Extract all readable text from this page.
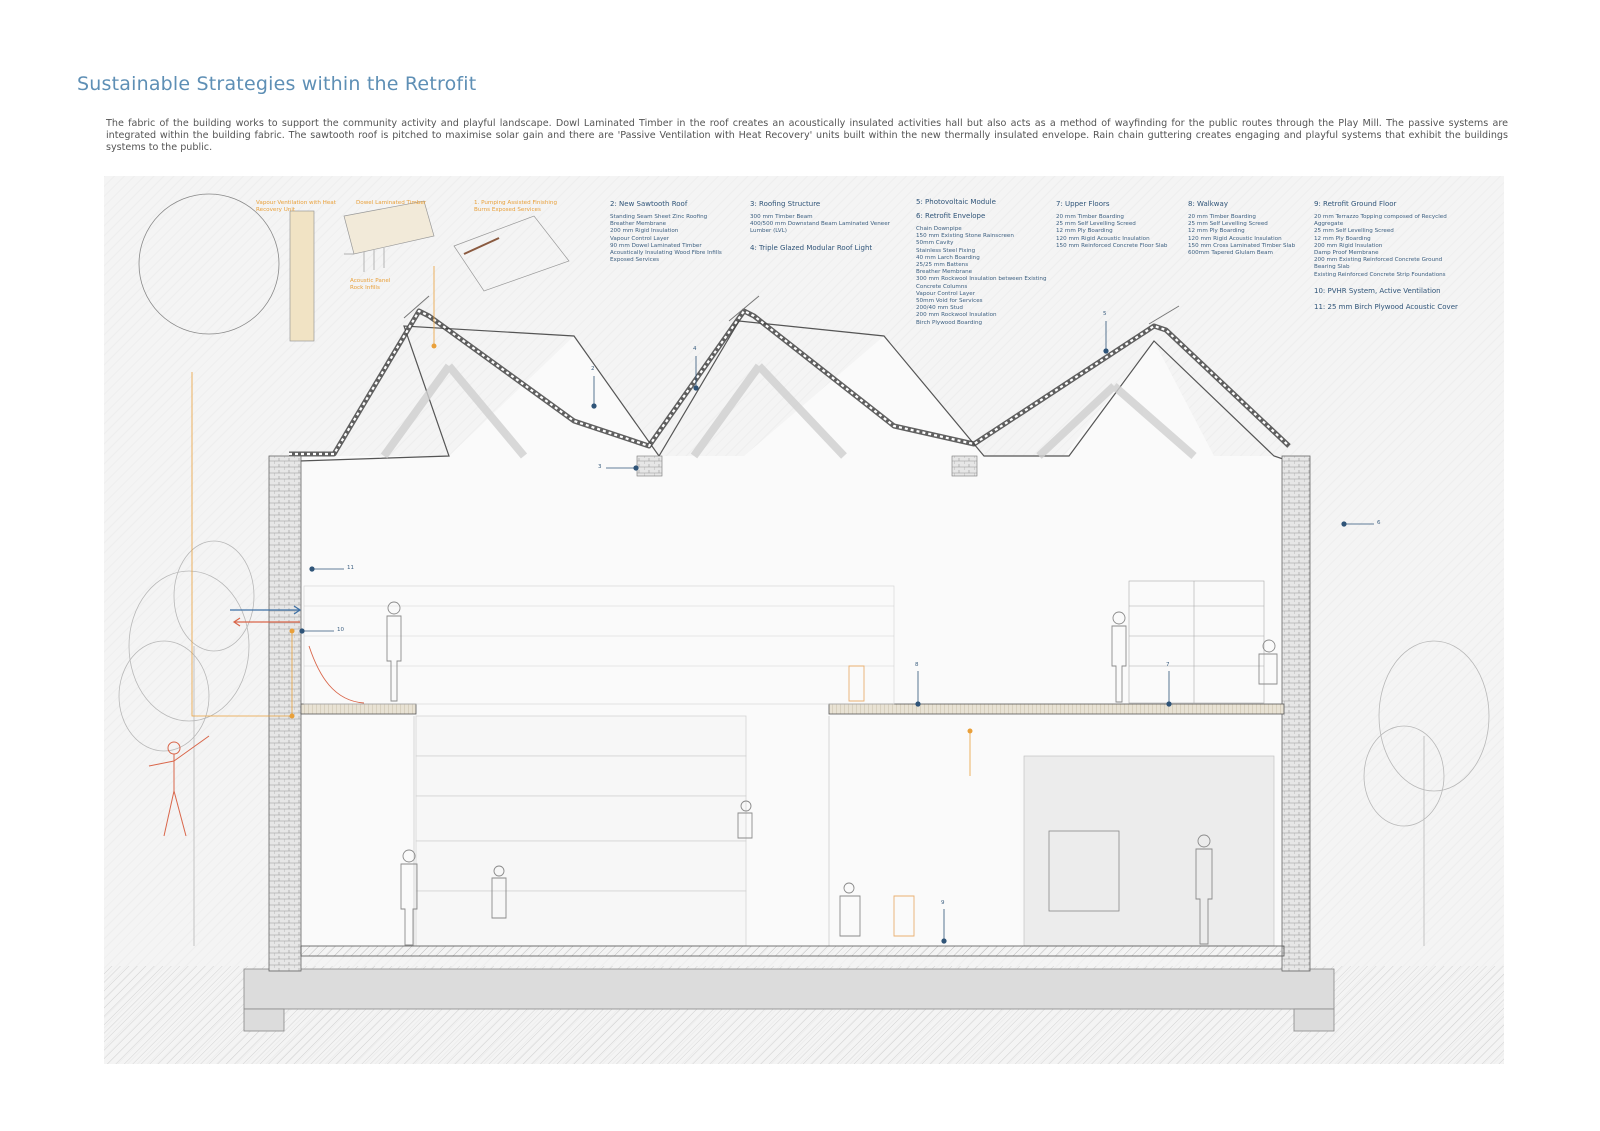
Sustainable Strategies within the Retrofit

The fabric of the building works to support the community activity and playful landscape. Dowl Laminated Timber in the roof creates an acoustically insulated activities hall but also acts as a method of wayfinding for the public routes through the Play Mill. The passive systems are integrated within the building fabric. The sawtooth roof is pitched to maximise solar gain and there are 'Passive Ventilation with Heat Recovery' units built within the new thermally insulated envelope. Rain chain guttering creates engaging and playful systems that exhibit the buildings systems to the public.

Vapour Ventilation with Heat Recovery Unit
Dowel Laminated Timber	1. Pumping Assisted Finishing Burns Exposed Services
Acoustic Panel Rock Infills
2: New Sawtooth Roof
Standing Seam Sheet Zinc Roofing
Breather Membrane
200 mm Rigid Insulation
Vapour Control Layer
90 mm Dowel Laminated Timber
Acoustically Insulating Wood Fibre Infills
Exposed Services
3: Roofing Structure
300 mm Timber Beam
400/500 mm Downstand Beam Laminated Veneer
Lumber (LVL)
4: Triple Glazed Modular Roof Light
5: Photovoltaic Module
6: Retrofit Envelope
Chain Downpipe
150 mm Existing Stone Rainscreen
50mm Cavity
Stainless Steel Fixing
40 mm Larch Boarding
25/25 mm Battens
Breather Membrane
300 mm Rockwool Insulation between Existing
Concrete Columns
Vapour Control Layer
50mm Void for Services
200/40 mm Stud
200 mm Rockwool Insulation
Birch Plywood Boarding
7: Upper Floors
20 mm Timber Boarding
25 mm Self Levelling Screed
12 mm Ply Boarding
120 mm Rigid Acoustic Insulation
150 mm Reinforced Concrete Floor Slab
8: Walkway
20 mm Timber Boarding
25 mm Self Levelling Screed
12 mm Ply Boarding
120 mm Rigid Acoustic Insulation
150 mm Cross Laminated Timber Slab
600mm Tapered Glulam Beam
9: Retrofit Ground Floor
20 mm Terrazzo Topping composed of Recycled
Aggregate
25 mm Self Levelling Screed
12 mm Ply Boarding
200 mm Rigid Insulation
Damp Proof Membrane
200 mm Existing Reinforced Concrete Ground
Bearing Slab
Existing Reinforced Concrete Strip Foundations
10: PVHR System, Active Ventilation
11: 25 mm Birch Plywood Acoustic Cover
2
3
4
5
6
7
8
9
10
11
